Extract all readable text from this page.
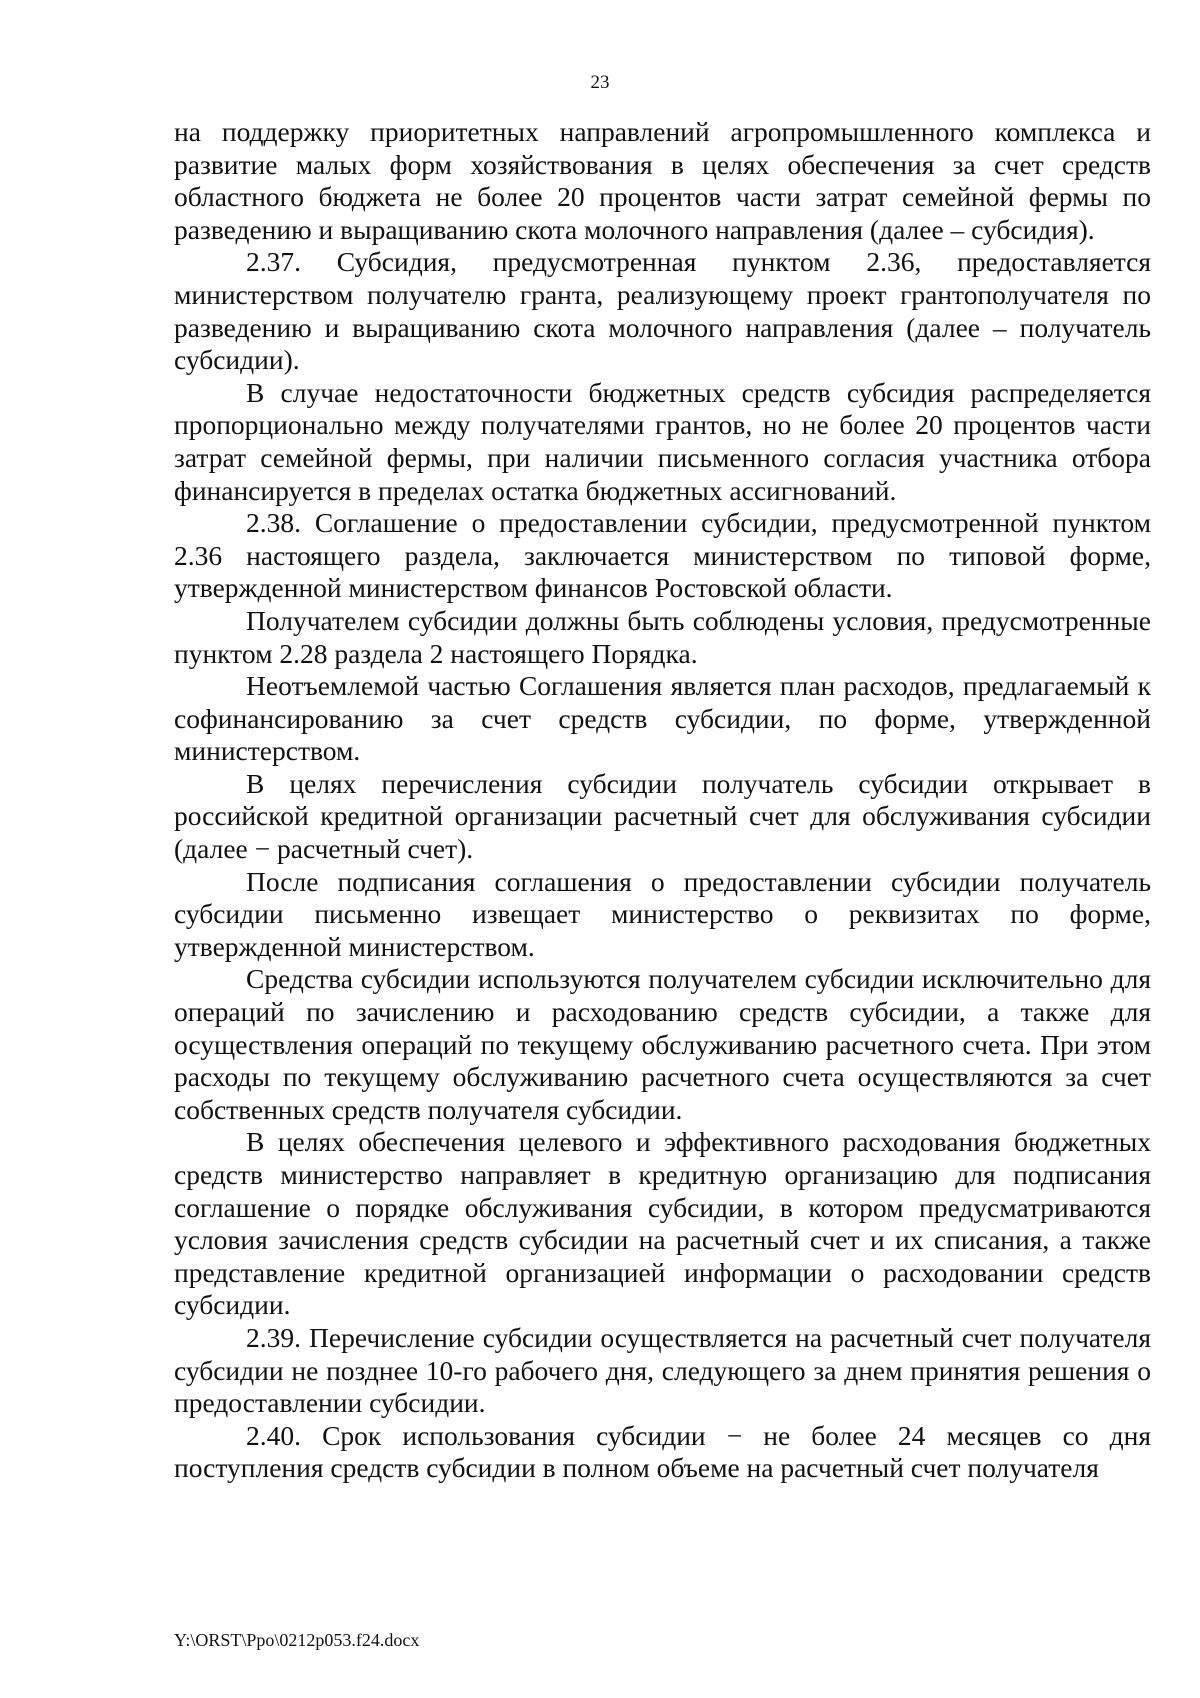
23

на поддержку приоритетных направлений агропромышленного комплекса и развитие малых форм хозяйствования в целях обеспечения за счет средств областного бюджета не более 20 процентов части затрат семейной фермы по разведению и выращиванию скота молочного направления (далее – субсидия).

2.37. Субсидия, предусмотренная пунктом 2.36, предоставляется министерством получателю гранта, реализующему проект грантополучателя по разведению и выращиванию скота молочного направления (далее – получатель субсидии).

В случае недостаточности бюджетных средств субсидия распределяется пропорционально между получателями грантов, но не более 20 процентов части затрат семейной фермы, при наличии письменного согласия участника отбора финансируется в пределах остатка бюджетных ассигнований.

2.38. Соглашение о предоставлении субсидии, предусмотренной пунктом 2.36 настоящего раздела, заключается министерством по типовой форме, утвержденной министерством финансов Ростовской области.

Получателем субсидии должны быть соблюдены условия, предусмотренные пунктом 2.28 раздела 2 настоящего Порядка.

Неотъемлемой частью Соглашения является план расходов, предлагаемый к софинансированию за счет средств субсидии, по форме, утвержденной министерством.

В целях перечисления субсидии получатель субсидии открывает в российской кредитной организации расчетный счет для обслуживания субсидии (далее − расчетный счет).

После подписания соглашения о предоставлении субсидии получатель субсидии письменно извещает министерство о реквизитах по форме, утвержденной министерством.

Средства субсидии используются получателем субсидии исключительно для операций по зачислению и расходованию средств субсидии, а также для осуществления операций по текущему обслуживанию расчетного счета. При этом расходы по текущему обслуживанию расчетного счета осуществляются за счет собственных средств получателя субсидии.

В целях обеспечения целевого и эффективного расходования бюджетных средств министерство направляет в кредитную организацию для подписания соглашение о порядке обслуживания субсидии, в котором предусматриваются условия зачисления средств субсидии на расчетный счет и их списания, а также представление кредитной организацией информации о расходовании средств субсидии.

2.39. Перечисление субсидии осуществляется на расчетный счет получателя субсидии не позднее 10-го рабочего дня, следующего за днем принятия решения о предоставлении субсидии.

2.40. Срок использования субсидии − не более 24 месяцев со дня поступления средств субсидии в полном объеме на расчетный счет получателя

Y:\ORST\Ppo\0212p053.f24.docx
